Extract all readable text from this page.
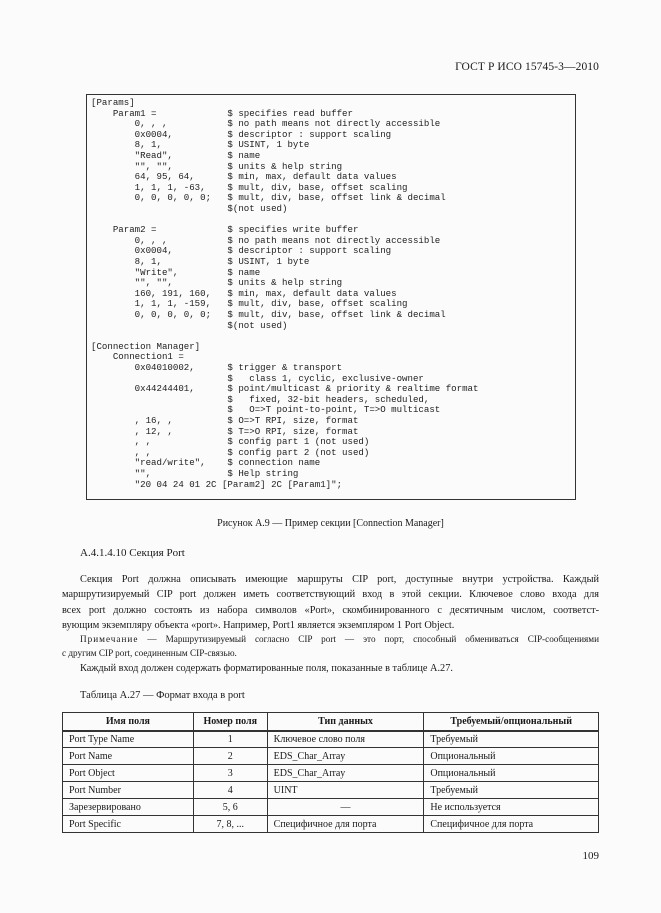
ГОСТ Р ИСО 15745-3—2010
[Params]
Param1 =             $ specifies read buffer
0, , ,           $ no path means not directly accessible
0x0004,          $ descriptor : support scaling
8, 1,            $ USINT, 1 byte
"Read",          $ name
"", "",          $ units & help string
64, 95, 64,      $ min, max, default data values
1, 1, 1, -63,    $ mult, div, base, offset scaling
0, 0, 0, 0, 0;   $ mult, div, base, offset link & decimal
$(not used)
Param2 =             $ specifies write buffer
0, , ,           $ no path means not directly accessible
0x0004,          $ descriptor : support scaling
8, 1,            $ USINT, 1 byte
"Write",         $ name
"", "",          $ units & help string
160, 191, 160,   $ min, max, default data values
1, 1, 1, -159,   $ mult, div, base, offset scaling
0, 0, 0, 0, 0;   $ mult, div, base, offset link & decimal
$(not used)
[Connection Manager]
Connection1 =
0x04010002,      $ trigger & transport
$   class 1, cyclic, exclusive-owner
0x44244401,      $ point/multicast & priority & realtime format
$   fixed, 32-bit headers, scheduled,
$   O=>T point-to-point, T=>O multicast
, 16, ,          $ O=>T RPI, size, format
, 12, ,          $ T=>O RPI, size, format
, ,              $ config part 1 (not used)
, ,              $ config part 2 (not used)
"read/write",    $ connection name
"",              $ Help string
"20 04 24 01 2C [Param2] 2C [Param1]";
Рисунок А.9 — Пример секции [Connection Manager]
А.4.1.4.10 Секция Port
Секция Port должна описывать имеющие маршруты CIP port, доступные внутри устройства. Каждый
маршрутизируемый CIP port должен иметь соответствующий вход в этой секции. Ключевое слово входа для
всех port должно состоять из набора символов «Port», скомбинированного с десятичным числом, соответст-
вующим экземпляру объекта «port». Например, Port1 является экземпляром 1 Port Object.
Примечание — Маршрутизируемый согласно CIP port — это порт, способный обмениваться CIP-сообщениями
с другим CIP port, соединенным CIP-связью.
Каждый вход должен содержать форматированные поля, показанные в таблице А.27.
Таблица А.27 — Формат входа в port
Имя поля	Номер поля	Тип данных	Требуемый/опциональный
Port Type Name	1	Ключевое слово поля	Требуемый
Port Name	2	EDS_Char_Array	Опциональный
Port Object	3	EDS_Char_Array	Опциональный
Port Number	4	UINT	Требуемый
Зарезервировано	5, 6	—	Не используется
Port Specific	7, 8, ...	Специфичное для порта	Специфичное для порта
109
